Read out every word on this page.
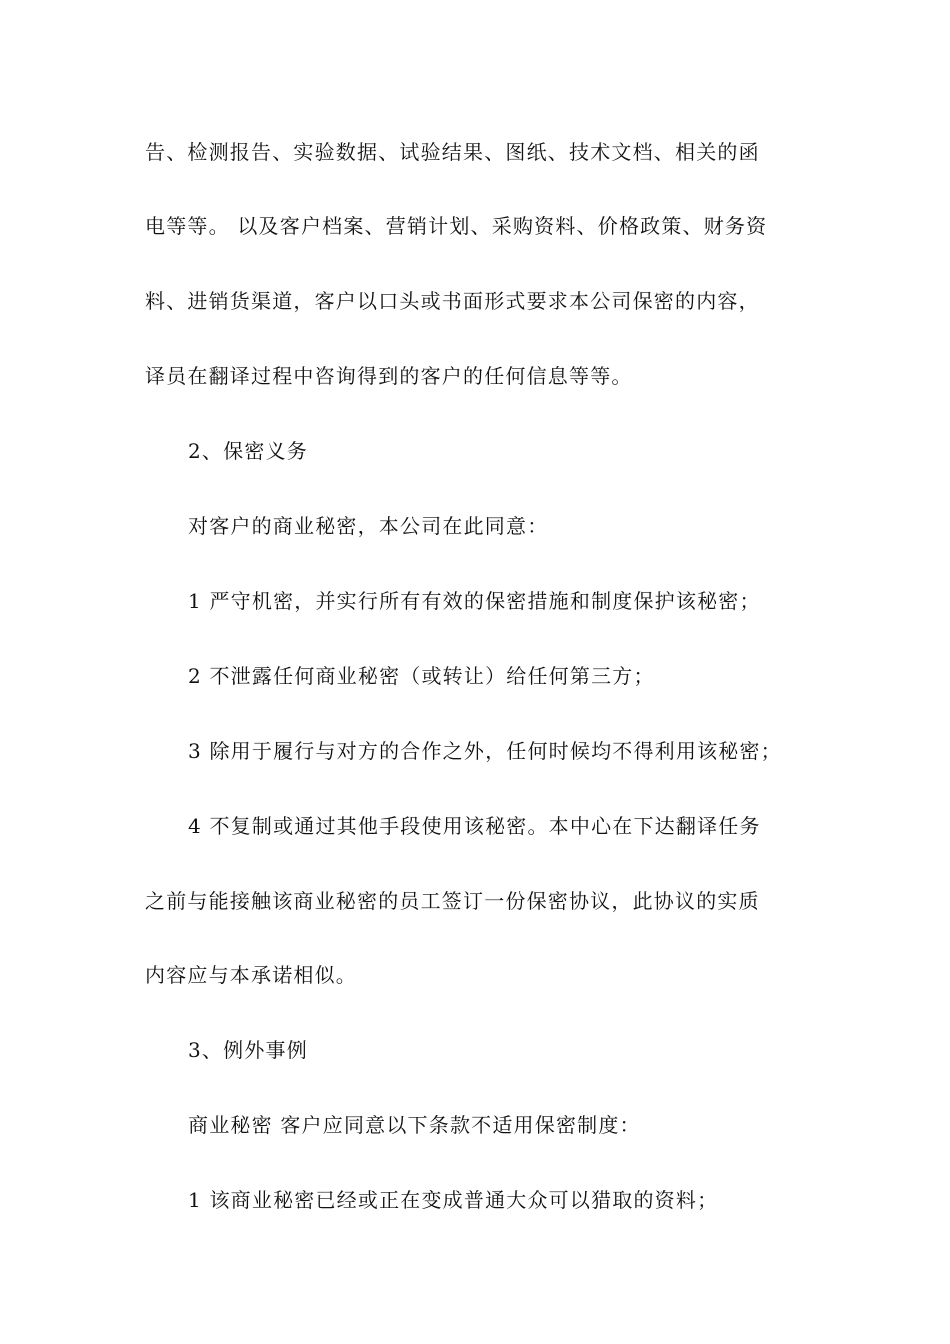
告、检测报告、实验数据、试验结果、图纸、技术文档、相关的函
电等等。 以及客户档案、营销计划、采购资料、价格政策、财务资
料、进销货渠道，客户以口头或书面形式要求本公司保密的内容，
译员在翻译过程中咨询得到的客户的任何信息等等。
2、保密义务
对客户的商业秘密，本公司在此同意：
1 严守机密，并实行所有有效的保密措施和制度保护该秘密；
2 不泄露任何商业秘密（或转让）给任何第三方；
3 除用于履行与对方的合作之外，任何时候均不得利用该秘密；
4 不复制或通过其他手段使用该秘密。本中心在下达翻译任务
之前与能接触该商业秘密的员工签订一份保密协议，此协议的实质
内容应与本承诺相似。
3、例外事例
商业秘密 客户应同意以下条款不适用保密制度：
1 该商业秘密已经或正在变成普通大众可以猎取的资料；
